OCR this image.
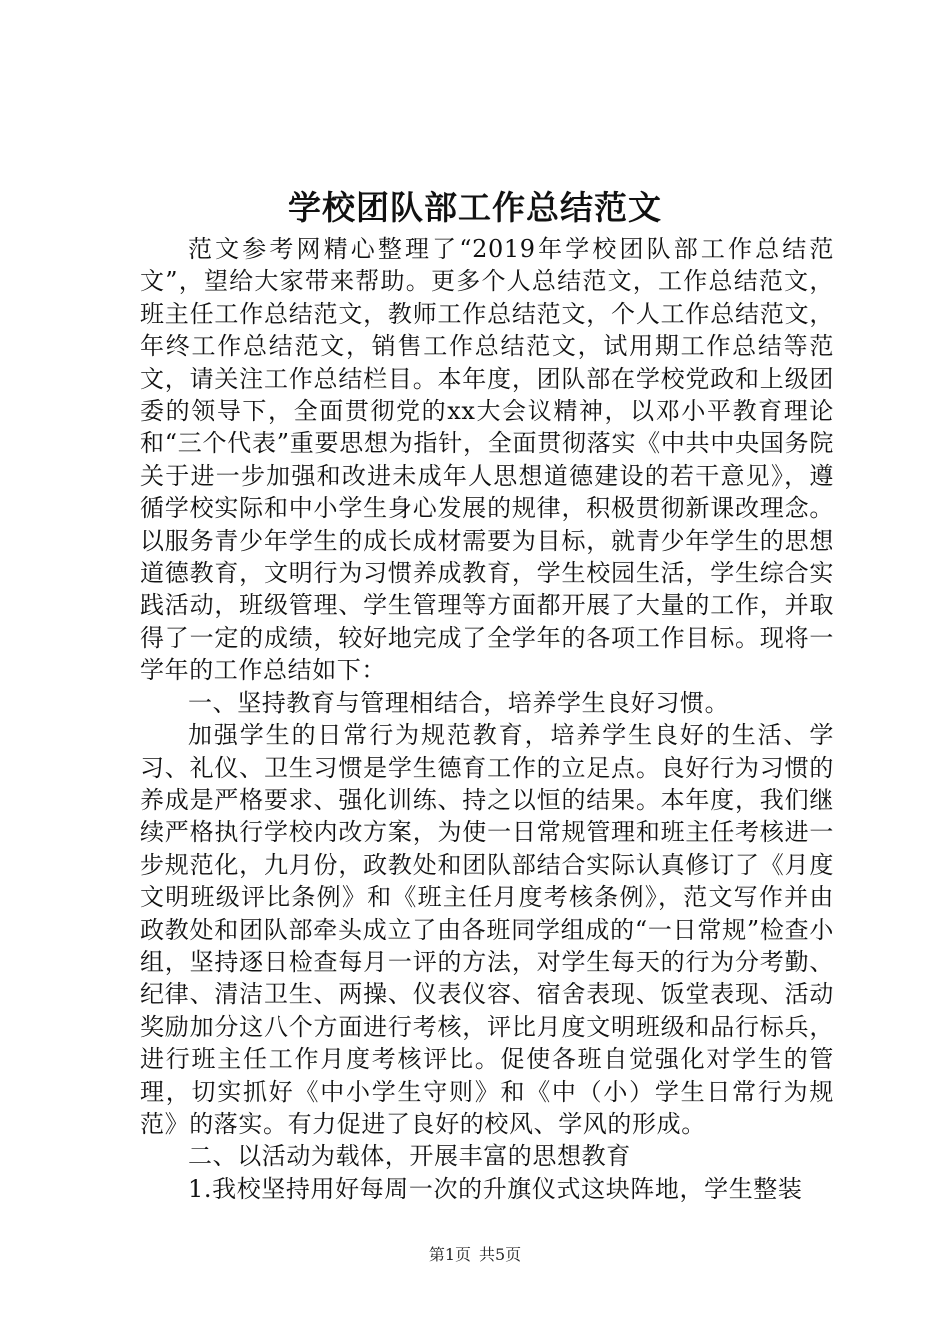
学校团队部工作总结范文

范文参考网精心整理了“2019年学校团队部工作总结范文”，望给大家带来帮助。更多个人总结范文，工作总结范文，班主任工作总结范文，教师工作总结范文，个人工作总结范文，年终工作总结范文，销售工作总结范文，试用期工作总结等范文，请关注工作总结栏目。本年度，团队部在学校党政和上级团委的领导下，全面贯彻党的xx大会议精神，以邓小平教育理论和“三个代表”重要思想为指针，全面贯彻落实《中共中央国务院关于进一步加强和改进未成年人思想道德建设的若干意见》，遵循学校实际和中小学生身心发展的规律，积极贯彻新课改理念。以服务青少年学生的成长成材需要为目标，就青少年学生的思想道德教育，文明行为习惯养成教育，学生校园生活，学生综合实践活动，班级管理、学生管理等方面都开展了大量的工作，并取得了一定的成绩，较好地完成了全学年的各项工作目标。现将一学年的工作总结如下：

一、坚持教育与管理相结合，培养学生良好习惯。

加强学生的日常行为规范教育，培养学生良好的生活、学习、礼仪、卫生习惯是学生德育工作的立足点。良好行为习惯的养成是严格要求、强化训练、持之以恒的结果。本年度，我们继续严格执行学校内改方案，为使一日常规管理和班主任考核进一步规范化，九月份，政教处和团队部结合实际认真修订了《月度文明班级评比条例》和《班主任月度考核条例》，范文写作并由政教处和团队部牵头成立了由各班同学组成的“一日常规”检查小组，坚持逐日检查每月一评的方法，对学生每天的行为分考勤、纪律、清洁卫生、两操、仪表仪容、宿舍表现、饭堂表现、活动奖励加分这八个方面进行考核，评比月度文明班级和品行标兵，进行班主任工作月度考核评比。促使各班自觉强化对学生的管理，切实抓好《中小学生守则》和《中（小）学生日常行为规范》的落实。有力促进了良好的校风、学风的形成。

二、以活动为载体，开展丰富的思想教育

1.我校坚持用好每周一次的升旗仪式这块阵地，学生整装

第1页 共5页
